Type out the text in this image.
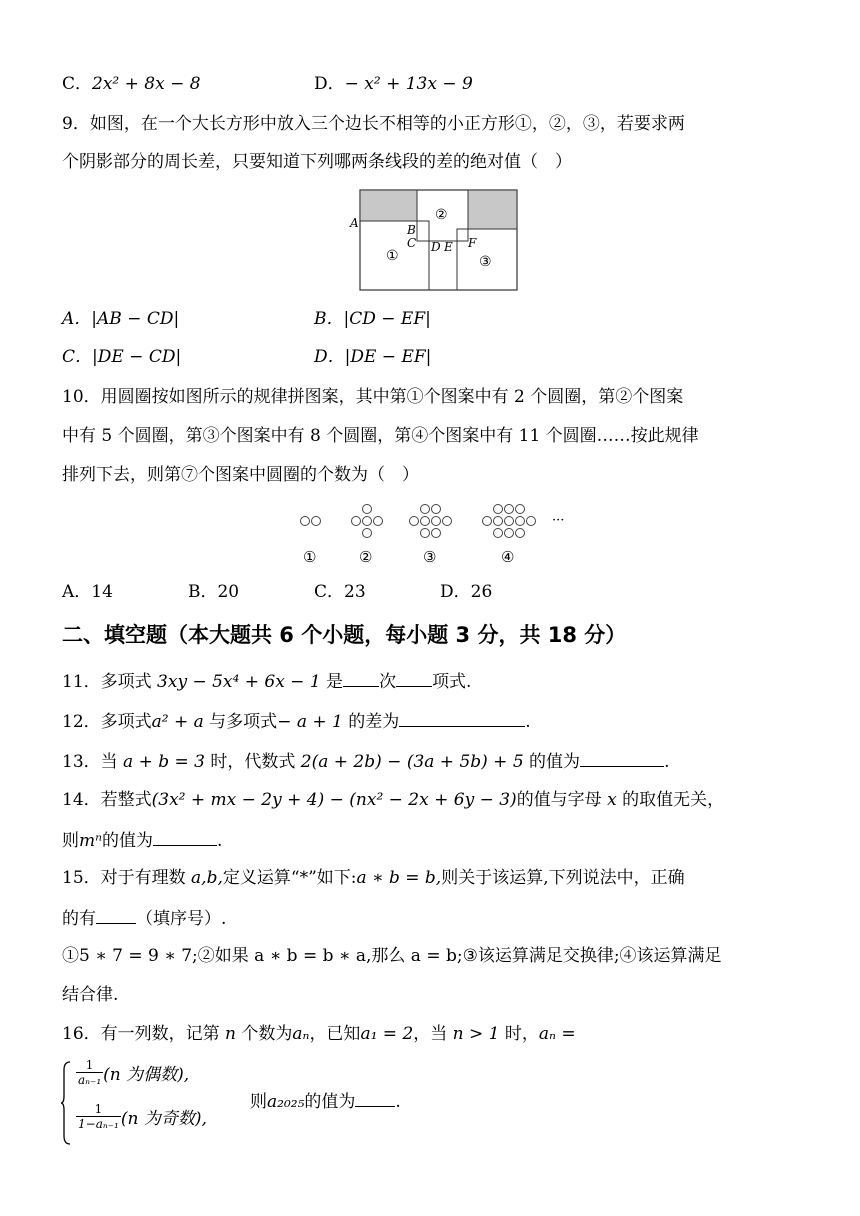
C．2x² + 8x − 8	D．− x² + 13x − 9
9．如图，在一个大长方形中放入三个边长不相等的小正方形①，②，③，若要求两
个阴影部分的周长差，只要知道下列哪两条线段的差的绝对值（　）
A	B
C D E F
①
②
③
A．|AB − CD|	B．|CD − EF|
C．|DE − CD|	D．|DE − EF|
10．用圆圈按如图所示的规律拼图案，其中第①个图案中有 2 个圆圈，第②个图案
中有 5 个圆圈，第③个图案中有 8 个圆圈，第④个图案中有 11 个圆圈……按此规律
排列下去，则第⑦个图案中圆圈的个数为（　）
···
①	②	③	④
A．14	B．20	C．23	D．26
二、填空题（本大题共 6 个小题，每小题 3 分，共 18 分）
11．多项式 3xy − 5x⁴ + 6x − 1 是 次 项式.
12．多项式a² + a 与多项式− a + 1 的差为	.
13．当 a + b = 3 时，代数式 2(a + 2b) − (3a + 5b) + 5 的值为	.
14．若整式(3x² + mx − 2y + 4) − (nx² − 2x + 6y − 3)的值与字母 x 的取值无关，
则mⁿ的值为	.
15．对于有理数 a,b,定义运算“*”如下:a ∗ b = b,则关于该运算,下列说法中，正确
的有 （填序号）.
①5 ∗ 7 = 9 ∗ 7;②如果 a ∗ b = b ∗ a,那么 a = b;③该运算满足交换律;④该运算满足
结合律.
16．有一列数，记第 n 个数为aₙ，已知a₁ = 2，当 n > 1 时，aₙ =
$\frac{1}{\text{aₙ₋₁}} (n$ 为偶数),
$\frac{1}{\text{1−aₙ₋₁}} (n$ 为奇数),
则a₂₀₂₅的值为 .
